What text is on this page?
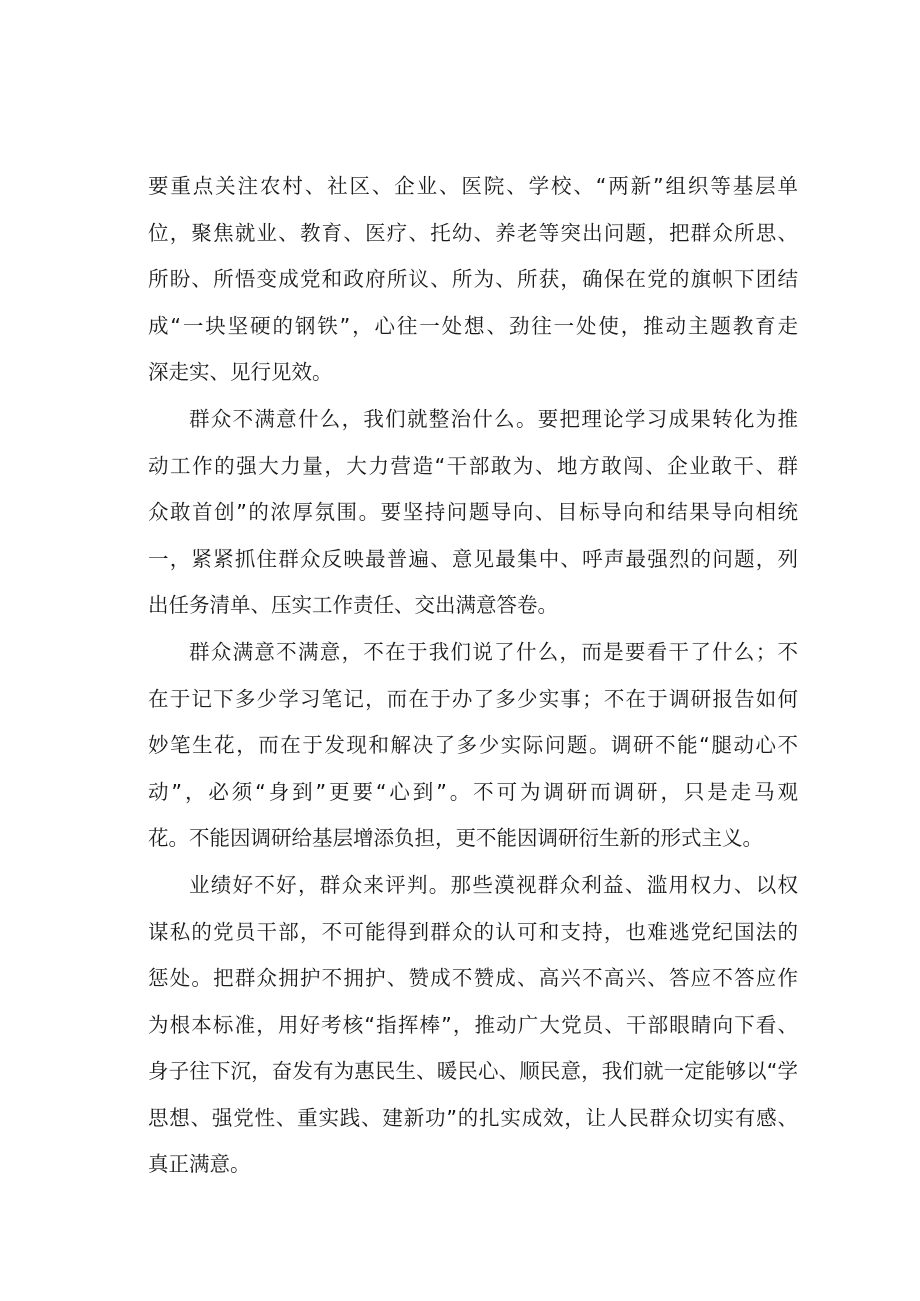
要重点关注农村、社区、企业、医院、学校、“两新”组织等基层单
位，聚焦就业、教育、医疗、托幼、养老等突出问题，把群众所思、
所盼、所悟变成党和政府所议、所为、所获，确保在党的旗帜下团结
成“一块坚硬的钢铁”，心往一处想、劲往一处使，推动主题教育走
深走实、见行见效。

群众不满意什么，我们就整治什么。要把理论学习成果转化为推
动工作的强大力量，大力营造“干部敢为、地方敢闯、企业敢干、群
众敢首创”的浓厚氛围。要坚持问题导向、目标导向和结果导向相统
一，紧紧抓住群众反映最普遍、意见最集中、呼声最强烈的问题，列
出任务清单、压实工作责任、交出满意答卷。

群众满意不满意，不在于我们说了什么，而是要看干了什么；不
在于记下多少学习笔记，而在于办了多少实事；不在于调研报告如何
妙笔生花，而在于发现和解决了多少实际问题。调研不能“腿动心不
动”，必须“身到”更要“心到”。不可为调研而调研，只是走马观
花。不能因调研给基层增添负担，更不能因调研衍生新的形式主义。

业绩好不好，群众来评判。那些漠视群众利益、滥用权力、以权
谋私的党员干部，不可能得到群众的认可和支持，也难逃党纪国法的
惩处。把群众拥护不拥护、赞成不赞成、高兴不高兴、答应不答应作
为根本标准，用好考核“指挥棒”，推动广大党员、干部眼睛向下看、
身子往下沉，奋发有为惠民生、暖民心、顺民意，我们就一定能够以“学
思想、强党性、重实践、建新功”的扎实成效，让人民群众切实有感、
真正满意。
